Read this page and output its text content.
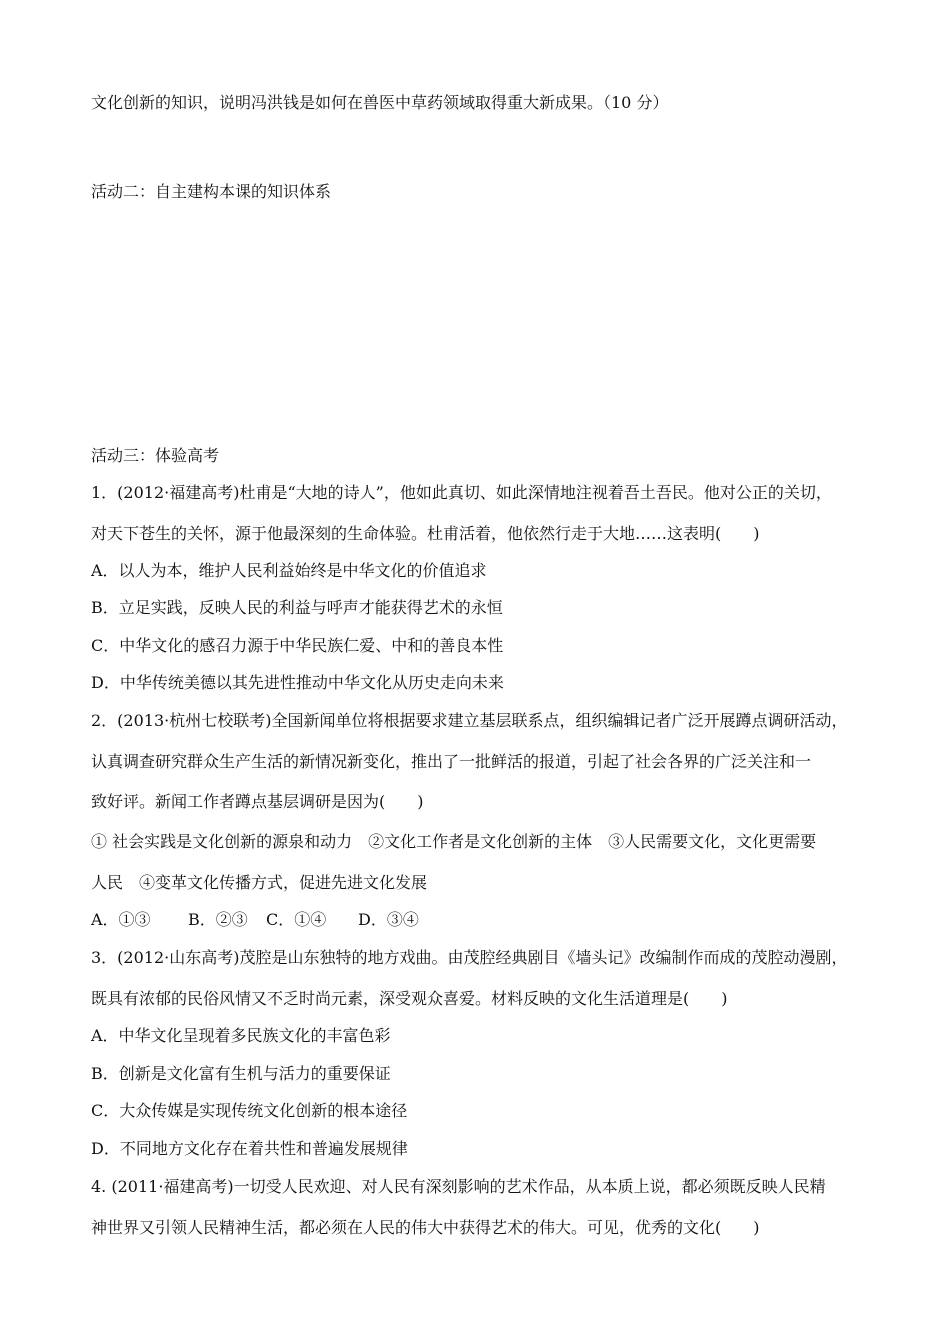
文化创新的知识，说明冯洪钱是如何在兽医中草药领域取得重大新成果。（10 分）
活动二：自主建构本课的知识体系
活动三：体验高考
1．(2012·福建高考)杜甫是“大地的诗人”，他如此真切、如此深情地注视着吾土吾民。他对公正的关切，
对天下苍生的关怀，源于他最深刻的生命体验。杜甫活着，他依然行走于大地……这表明(　　)
A．以人为本，维护人民利益始终是中华文化的价值追求
B．立足实践，反映人民的利益与呼声才能获得艺术的永恒
C．中华文化的感召力源于中华民族仁爱、中和的善良本性
D．中华传统美德以其先进性推动中华文化从历史走向未来
2．(2013·杭州七校联考)全国新闻单位将根据要求建立基层联系点，组织编辑记者广泛开展蹲点调研活动，
认真调查研究群众生产生活的新情况新变化，推出了一批鲜活的报道，引起了社会各界的广泛关注和一
致好评。新闻工作者蹲点基层调研是因为(　　)
① 社会实践是文化创新的源泉和动力　②文化工作者是文化创新的主体　③人民需要文化，文化更需要
人民　④变革文化传播方式，促进先进文化发展
A．①③ B．②③ C．①④ D．③④
3．(2012·山东高考)茂腔是山东独特的地方戏曲。由茂腔经典剧目《墙头记》改编制作而成的茂腔动漫剧，
既具有浓郁的民俗风情又不乏时尚元素，深受观众喜爱。材料反映的文化生活道理是(　　)
A．中华文化呈现着多民族文化的丰富色彩
B．创新是文化富有生机与活力的重要保证
C．大众传媒是实现传统文化创新的根本途径
D．不同地方文化存在着共性和普遍发展规律
4. (2011·福建高考)一切受人民欢迎、对人民有深刻影响的艺术作品，从本质上说，都必须既反映人民精
神世界又引领人民精神生活，都必须在人民的伟大中获得艺术的伟大。可见，优秀的文化(　　)
